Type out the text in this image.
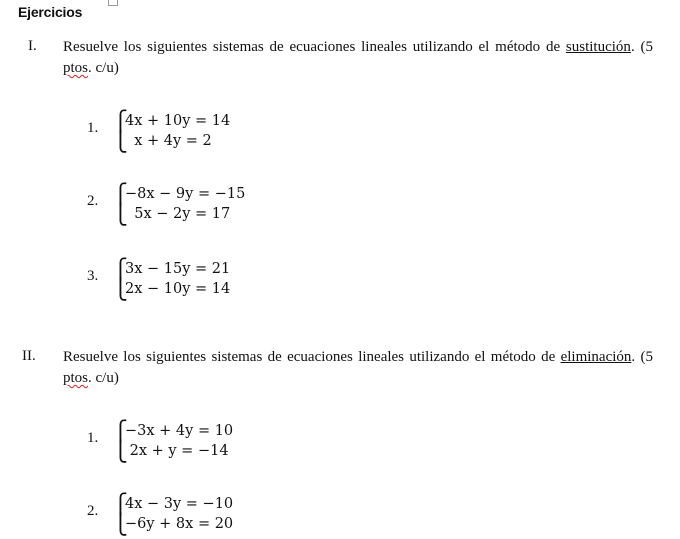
Ejercicios
I. Resuelve los siguientes sistemas de ecuaciones lineales utilizando el método de sustitución. (5 ptos. c/u)
1. ⎧
⎩
4x + 10y = 14
x + 4y = 2
2. ⎧
⎩
−8x − 9y = −15
5x − 2y = 17
3. ⎧
⎩
3x − 15y = 21
2x − 10y = 14
II. Resuelve los siguientes sistemas de ecuaciones lineales utilizando el método de eliminación. (5 ptos. c/u)
1. ⎧
⎩
−3x + 4y = 10
2x + y = −14
2. ⎧
⎩
4x − 3y = −10
−6y + 8x = 20
